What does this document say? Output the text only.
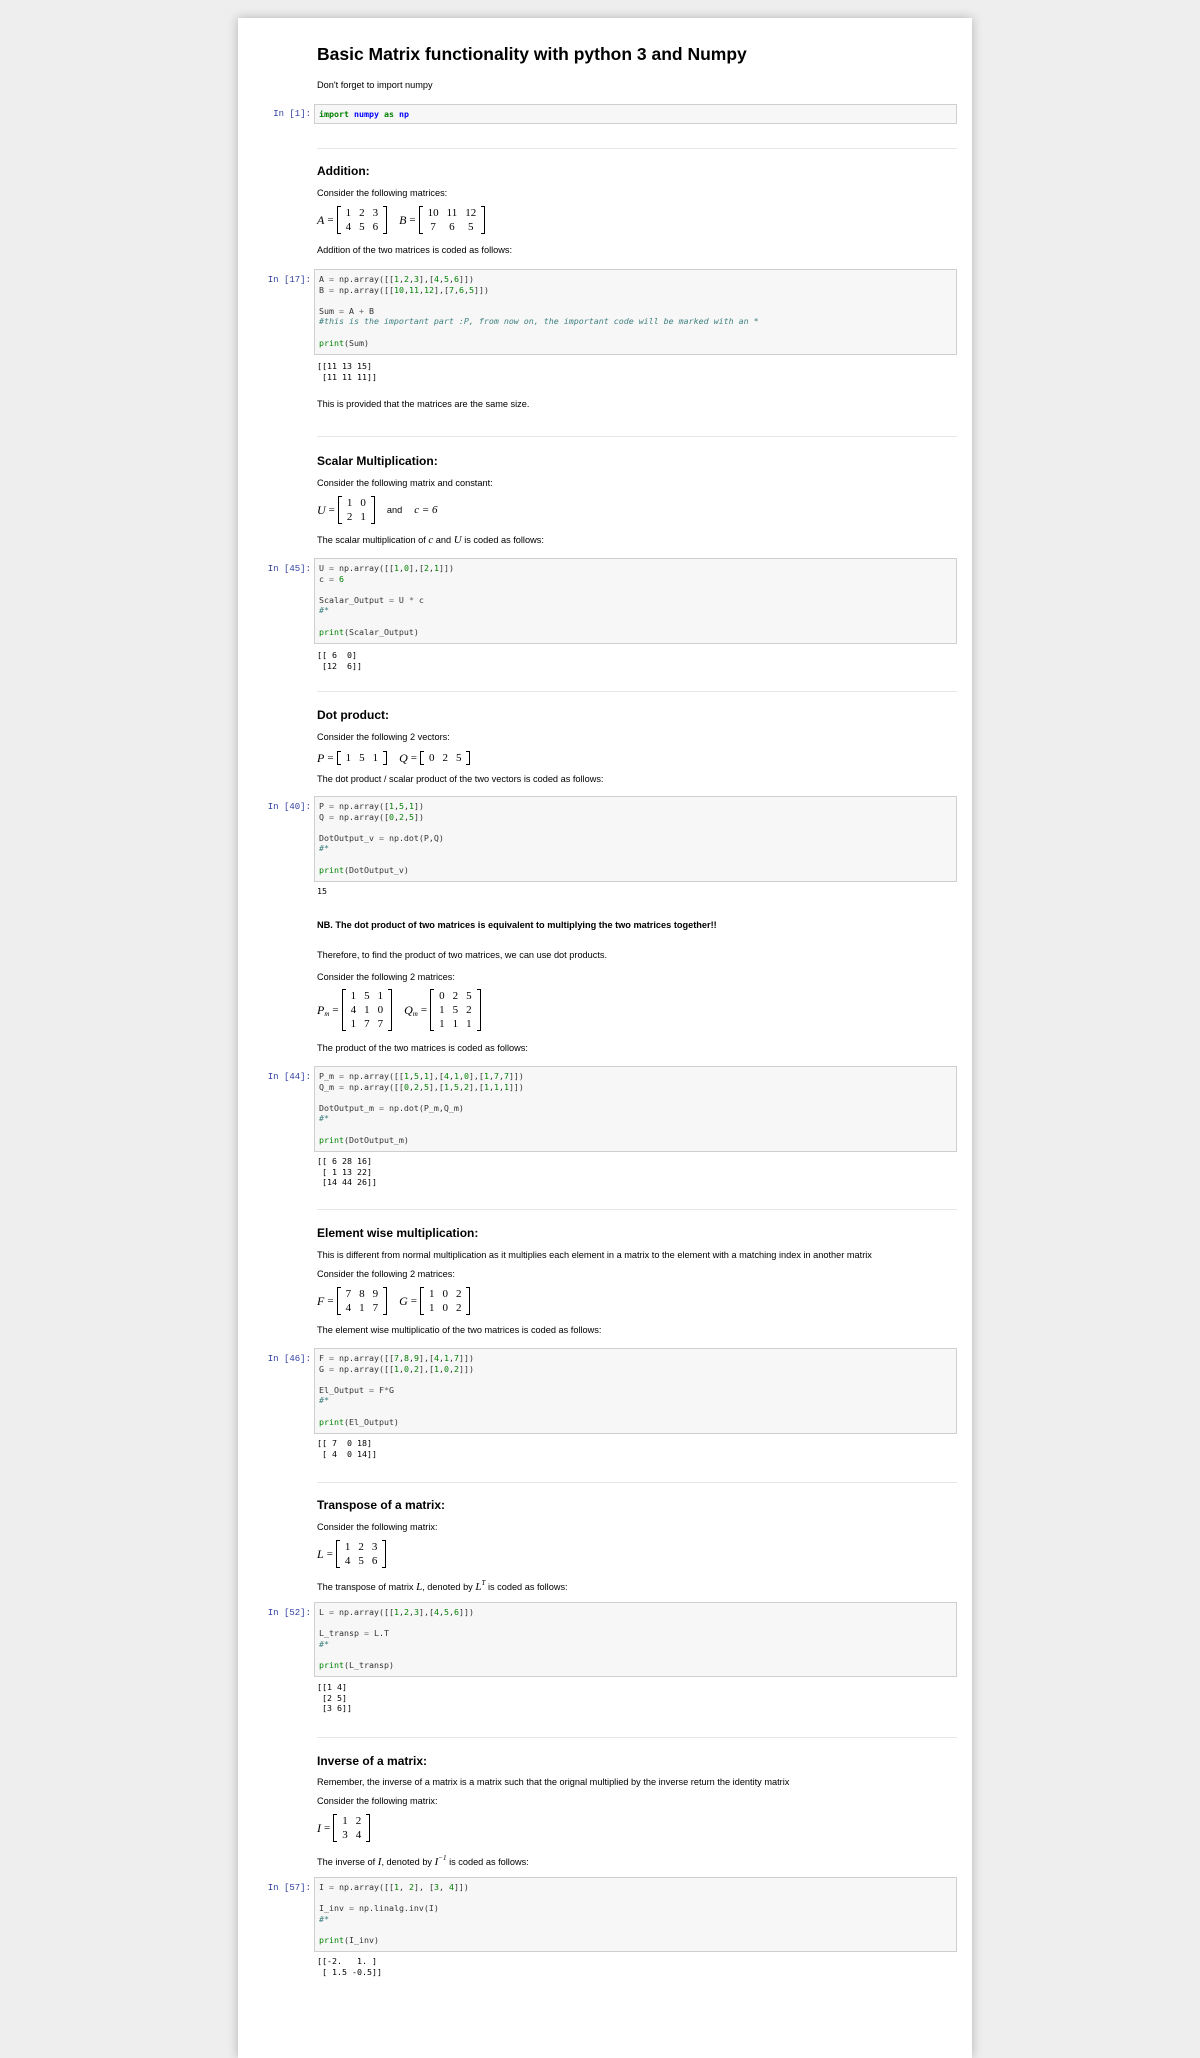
Basic Matrix functionality with python 3 and Numpy
Don't forget to import numpy
In [1]: import numpy as np
Addition:
Consider the following matrices:
A =
1	2	3
4	5	6
B =
10	11	12
7	6	5
Addition of the two matrices is coded as follows:
In [17]: A = np.array([[1,2,3],[4,5,6]])
B = np.array([[10,11,12],[7,6,5]])

Sum = A + B
#this is the important part :P, from now on, the important code will be marked with an *

print(Sum)
[[11 13 15]
[11 11 11]]
This is provided that the matrices are the same size.
Scalar Multiplication:
Consider the following matrix and constant:
U =
1	0
2	1
and c = 6
The scalar multiplication of c and U is coded as follows:
In [45]: U = np.array([[1,0],[2,1]])
c = 6

Scalar_Output = U * c
#*

print(Scalar_Output)
[[ 6  0]
[12  6]]
Dot product:
Consider the following 2 vectors:
P = 1	5	1 Q = 0	2	5
The dot product / scalar product of the two vectors is coded as follows:
In [40]: P = np.array([1,5,1])
Q = np.array([0,2,5])

DotOutput_v = np.dot(P,Q)
#*

print(DotOutput_v)
15
NB. The dot product of two matrices is equivalent to multiplying the two matrices together!!
Therefore, to find the product of two matrices, we can use dot products.
Consider the following 2 matrices:
$P_m$ =
1	5	1
4	1	0
1	7	7
$Q_m$ =
0	2	5
1	5	2
1	1	1
The product of the two matrices is coded as follows:
In [44]: P_m = np.array([[1,5,1],[4,1,0],[1,7,7]])
Q_m = np.array([[0,2,5],[1,5,2],[1,1,1]])

DotOutput_m = np.dot(P_m,Q_m)
#*

print(DotOutput_m)
[[ 6 28 16]
[ 1 13 22]
[14 44 26]]
Element wise multiplication:
This is different from normal multiplication as it multiplies each element in a matrix to the element with a matching index in another matrix
Consider the following 2 matrices:
F =
7	8	9
4	1	7
G =
1	0	2
1	0	2
The element wise multiplicatio of the two matrices is coded as follows:
In [46]: F = np.array([[7,8,9],[4,1,7]])
G = np.array([[1,0,2],[1,0,2]])

El_Output = F*G
#*

print(El_Output)
[[ 7  0 18]
[ 4  0 14]]
Transpose of a matrix:
Consider the following matrix:
L =
1	2	3
4	5	6
The transpose of matrix L, denoted by $L^T$ is coded as follows:
In [52]: L = np.array([[1,2,3],[4,5,6]])

L_transp = L.T
#*

print(L_transp)
[[1 4]
[2 5]
[3 6]]
Inverse of a matrix:
Remember, the inverse of a matrix is a matrix such that the orignal multiplied by the inverse return the identity matrix
Consider the following matrix:
I =
1	2
3	4
The inverse of I, denoted by $I^{-1}$ is coded as follows:
In [57]: I = np.array([[1, 2], [3, 4]])

I_inv = np.linalg.inv(I)
#*

print(I_inv)
[[-2.   1. ]
[ 1.5 -0.5]]
